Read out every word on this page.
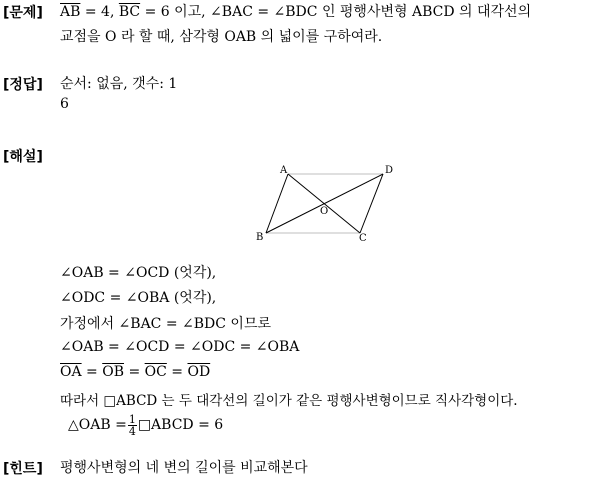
[문제] $\overline{AB} = 4$, $\overline{BC} = 6$ 이고, ∠BAC = ∠BDC 인 평행사변형 ABCD 의 대각선의
교점을 O 라 할 때, 삼각형 OAB 의 넓이를 구하여라.
[정답] 순서: 없음, 갯수: 1
6
[해설]
A	D
B	C
O
∠OAB = ∠OCD (엇각),
∠ODC = ∠OBA (엇각),
가정에서 ∠BAC = ∠BDC 이므로
∠OAB = ∠OCD = ∠ODC = ∠OBA
$\overline{OA} = \overline{OB} = \overline{OC} = \overline{OD}$
따라서 □ABCD 는 두 대각선의 길이가 같은 평행사변형이므로 직사각형이다.
△OAB = $\frac{1}{4}$ □ABCD = 6
[힌트] 평행사변형의 네 변의 길이를 비교해본다
